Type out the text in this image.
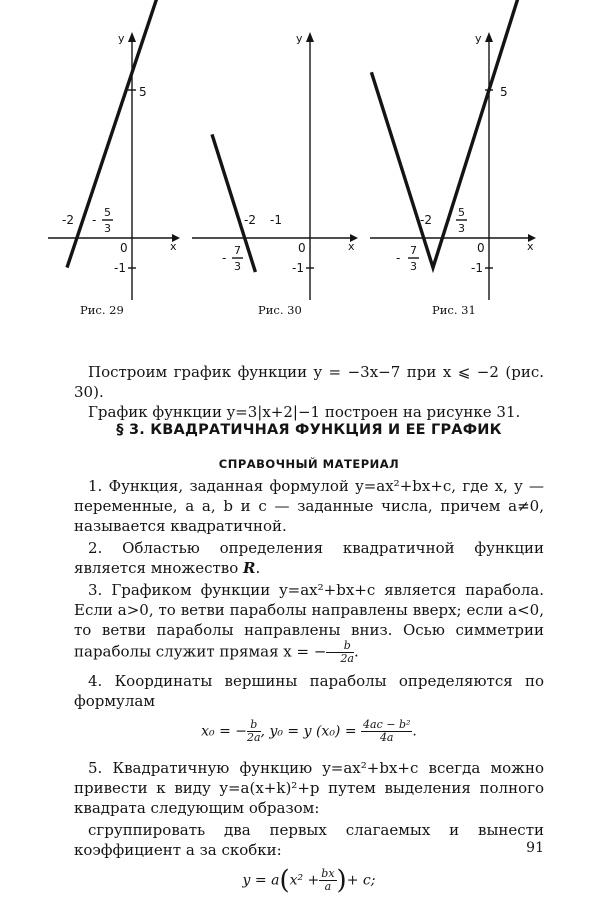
y
x
5
-2 -
5
3
0
-1
Рис. 29
y
x
-2 -1
-
7
3
0
-1
Рис. 30
y
x
5
-2 -
5
3
-
7
3
0
-1
Рис. 31

Построим график функции y = −3x−7 при x ⩽ −2 (рис. 30).

График функции y=3|x+2|−1 построен на рисунке 31.

§ 3. КВАДРАТИЧНАЯ ФУНКЦИЯ И ЕЕ ГРАФИК

СПРАВОЧНЫЙ МАТЕРИАЛ

1. Функция, заданная формулой y=ax²+bx+c, где x, y — переменные, а a, b и c — заданные числа, причем a≠0, называется квадратичной.

2. Областью определения квадратичной функции является множество R.

3. Графиком функции y=ax²+bx+c является парабола. Если a>0, то ветви параболы направлены вверх; если a<0, то ветви параболы направлены вниз. Осью симметрии параболы служит прямая x = − $\frac{b}{2a}$ .

4. Координаты вершины параболы определяются по формулам

x₀ = − $\frac{b}{2a}$ , y₀ = y $(x_0) = \frac{\text{4ac − b²}}{4a}$ .

5. Квадратичную функцию y=ax²+bx+c всегда можно привести к виду y=a(x+k)²+p путем выделения полного квадрата следующим образом:

сгруппировать два первых слагаемых и вынести коэффициент a за скобки:

$y = a(x^2 + \frac{bx}{a}$ )+ c;

91
